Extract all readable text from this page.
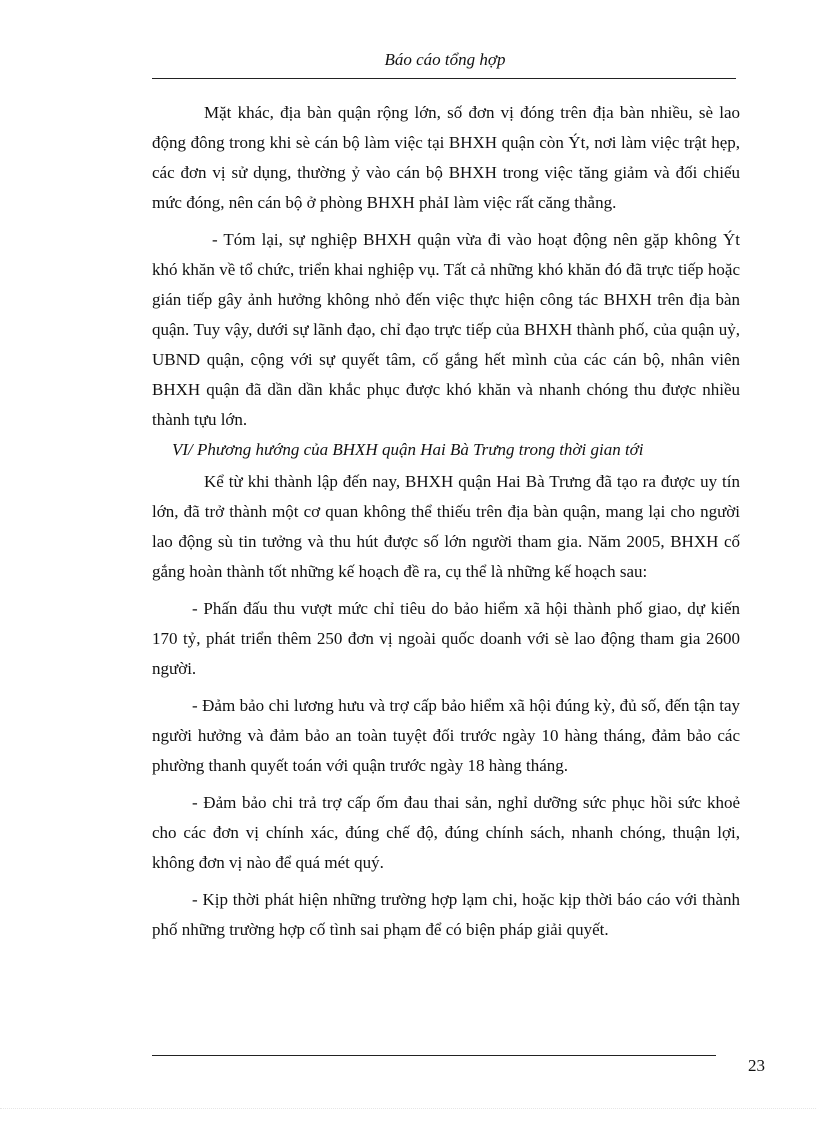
Báo cáo tổng hợp

Mặt khác, địa bàn quận rộng lớn, số đơn vị đóng trên địa bàn nhiều, sè lao động đông trong khi sè cán bộ làm việc tại BHXH quận còn Ýt, nơi làm việc trật hẹp, các đơn vị sử dụng, thường ỷ vào cán bộ BHXH trong việc tăng giảm và đối chiếu mức đóng, nên cán bộ ở phòng BHXH phảI làm việc rất căng thẳng.

- Tóm lại, sự nghiệp BHXH quận vừa đi vào hoạt động nên gặp không Ýt khó khăn về tổ chức, triển khai nghiệp vụ. Tất cả những khó khăn đó đã trực tiếp hoặc gián tiếp gây ảnh hưởng không nhỏ đến việc thực hiện công tác BHXH trên địa bàn quận. Tuy vậy, dưới sự lãnh đạo, chỉ đạo trực tiếp của BHXH thành phố, của quận uỷ, UBND quận, cộng với sự quyết tâm, cố gắng hết mình của các cán bộ, nhân viên BHXH quận đã dần dần khắc phục được khó khăn và nhanh chóng thu được nhiều thành tựu lớn.

VI/ Phương hướng của BHXH quận Hai Bà Trưng trong thời gian tới

Kể từ khi thành lập đến nay, BHXH quận Hai Bà Trưng đã tạo ra được uy tín lớn, đã trở thành một cơ quan không thể thiếu trên địa bàn quận, mang lại cho người lao động sù tin tưởng và thu hút được số lớn người tham gia. Năm 2005, BHXH cố gắng hoàn thành tốt những kế hoạch đề ra, cụ thể là những kế hoạch sau:

- Phấn đấu thu vượt mức chỉ tiêu do bảo hiểm xã hội thành phố giao, dự kiến 170 tỷ, phát triển thêm 250 đơn vị ngoài quốc doanh với sè lao động tham gia 2600 người.

- Đảm bảo chi lương hưu và trợ cấp bảo hiểm xã hội đúng kỳ, đủ số, đến tận tay người hưởng và đảm bảo an toàn tuyệt đối trước ngày 10 hàng tháng, đảm bảo các phường thanh quyết toán với quận trước ngày 18 hàng tháng.

- Đảm bảo chi trả trợ cấp ốm đau thai sản, nghỉ dưỡng sức phục hồi sức khoẻ cho các đơn vị chính xác, đúng chế độ, đúng chính sách, nhanh chóng, thuận lợi, không đơn vị nào để quá mét quý.

- Kịp thời phát hiện những trường hợp lạm chi, hoặc kịp thời báo cáo với thành phố những trường hợp cố tình sai phạm để có biện pháp giải quyết.

23
